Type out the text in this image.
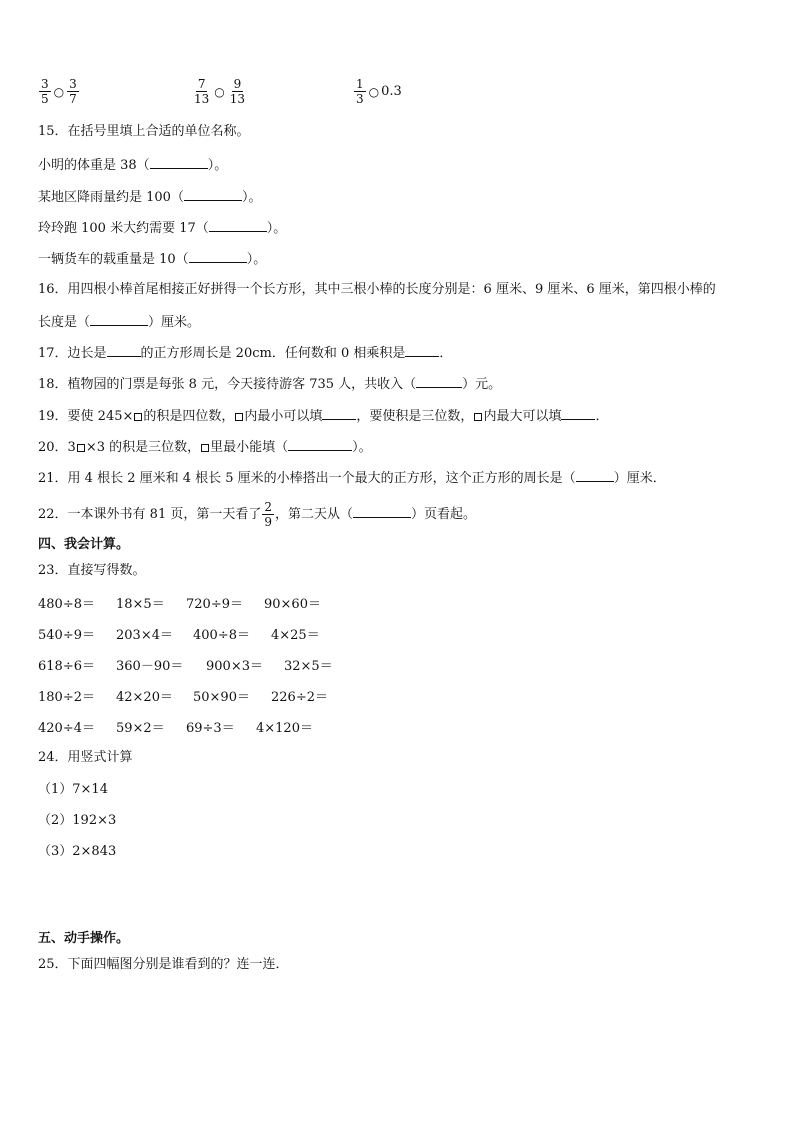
$\frac{3}{5}$ ○ $\frac{3}{7}$	$\frac{7}{13}$ ○ $\frac{9}{13}$	$\frac{1}{3}$ ○ 0.3
15．在括号里填上合适的单位名称。
小明的体重是 38（	）。
某地区降雨量约是 100（	）。
玲玲跑 100 米大约需要 17（	）。
一辆货车的载重量是 10（	）。
16．用四根小棒首尾相接正好拼得一个长方形，其中三根小棒的长度分别是：6 厘米、9 厘米、6 厘米，第四根小棒的
长度是（	）厘米。
17．边长是	的正方形周长是 20cm．任何数和 0 相乘积是	．
18．植物园的门票是每张 8 元，今天接待游客 735 人，共收入（	）元。
19．要使 245× 的积是四位数， 内最小可以填	，要使积是三位数， 内最大可以填	．
20．3 ×3 的积是三位数， 里最小能填（	）。
21．用 4 根长 2 厘米和 4 根长 5 厘米的小棒搭出一个最大的正方形，这个正方形的周长是（	）厘米．
22．一本课外书有 81 页，第一天看了 $\frac{2}{9}$ ，第二天从（	）页看起。
四、我会计算。
23．直接写得数。
480÷8＝ 18×5＝ 720÷9＝ 90×60＝
540÷9＝ 203×4＝ 400÷8＝ 4×25＝
618÷6＝ 360－90＝ 900×3＝ 32×5＝
180÷2＝ 42×20＝ 50×90＝ 226÷2＝
420÷4＝ 59×2＝ 69÷3＝ 4×120＝
24．用竖式计算
（1）7×14
（2）192×3
（3）2×843
五、动手操作。
25．下面四幅图分别是谁看到的？连一连．
